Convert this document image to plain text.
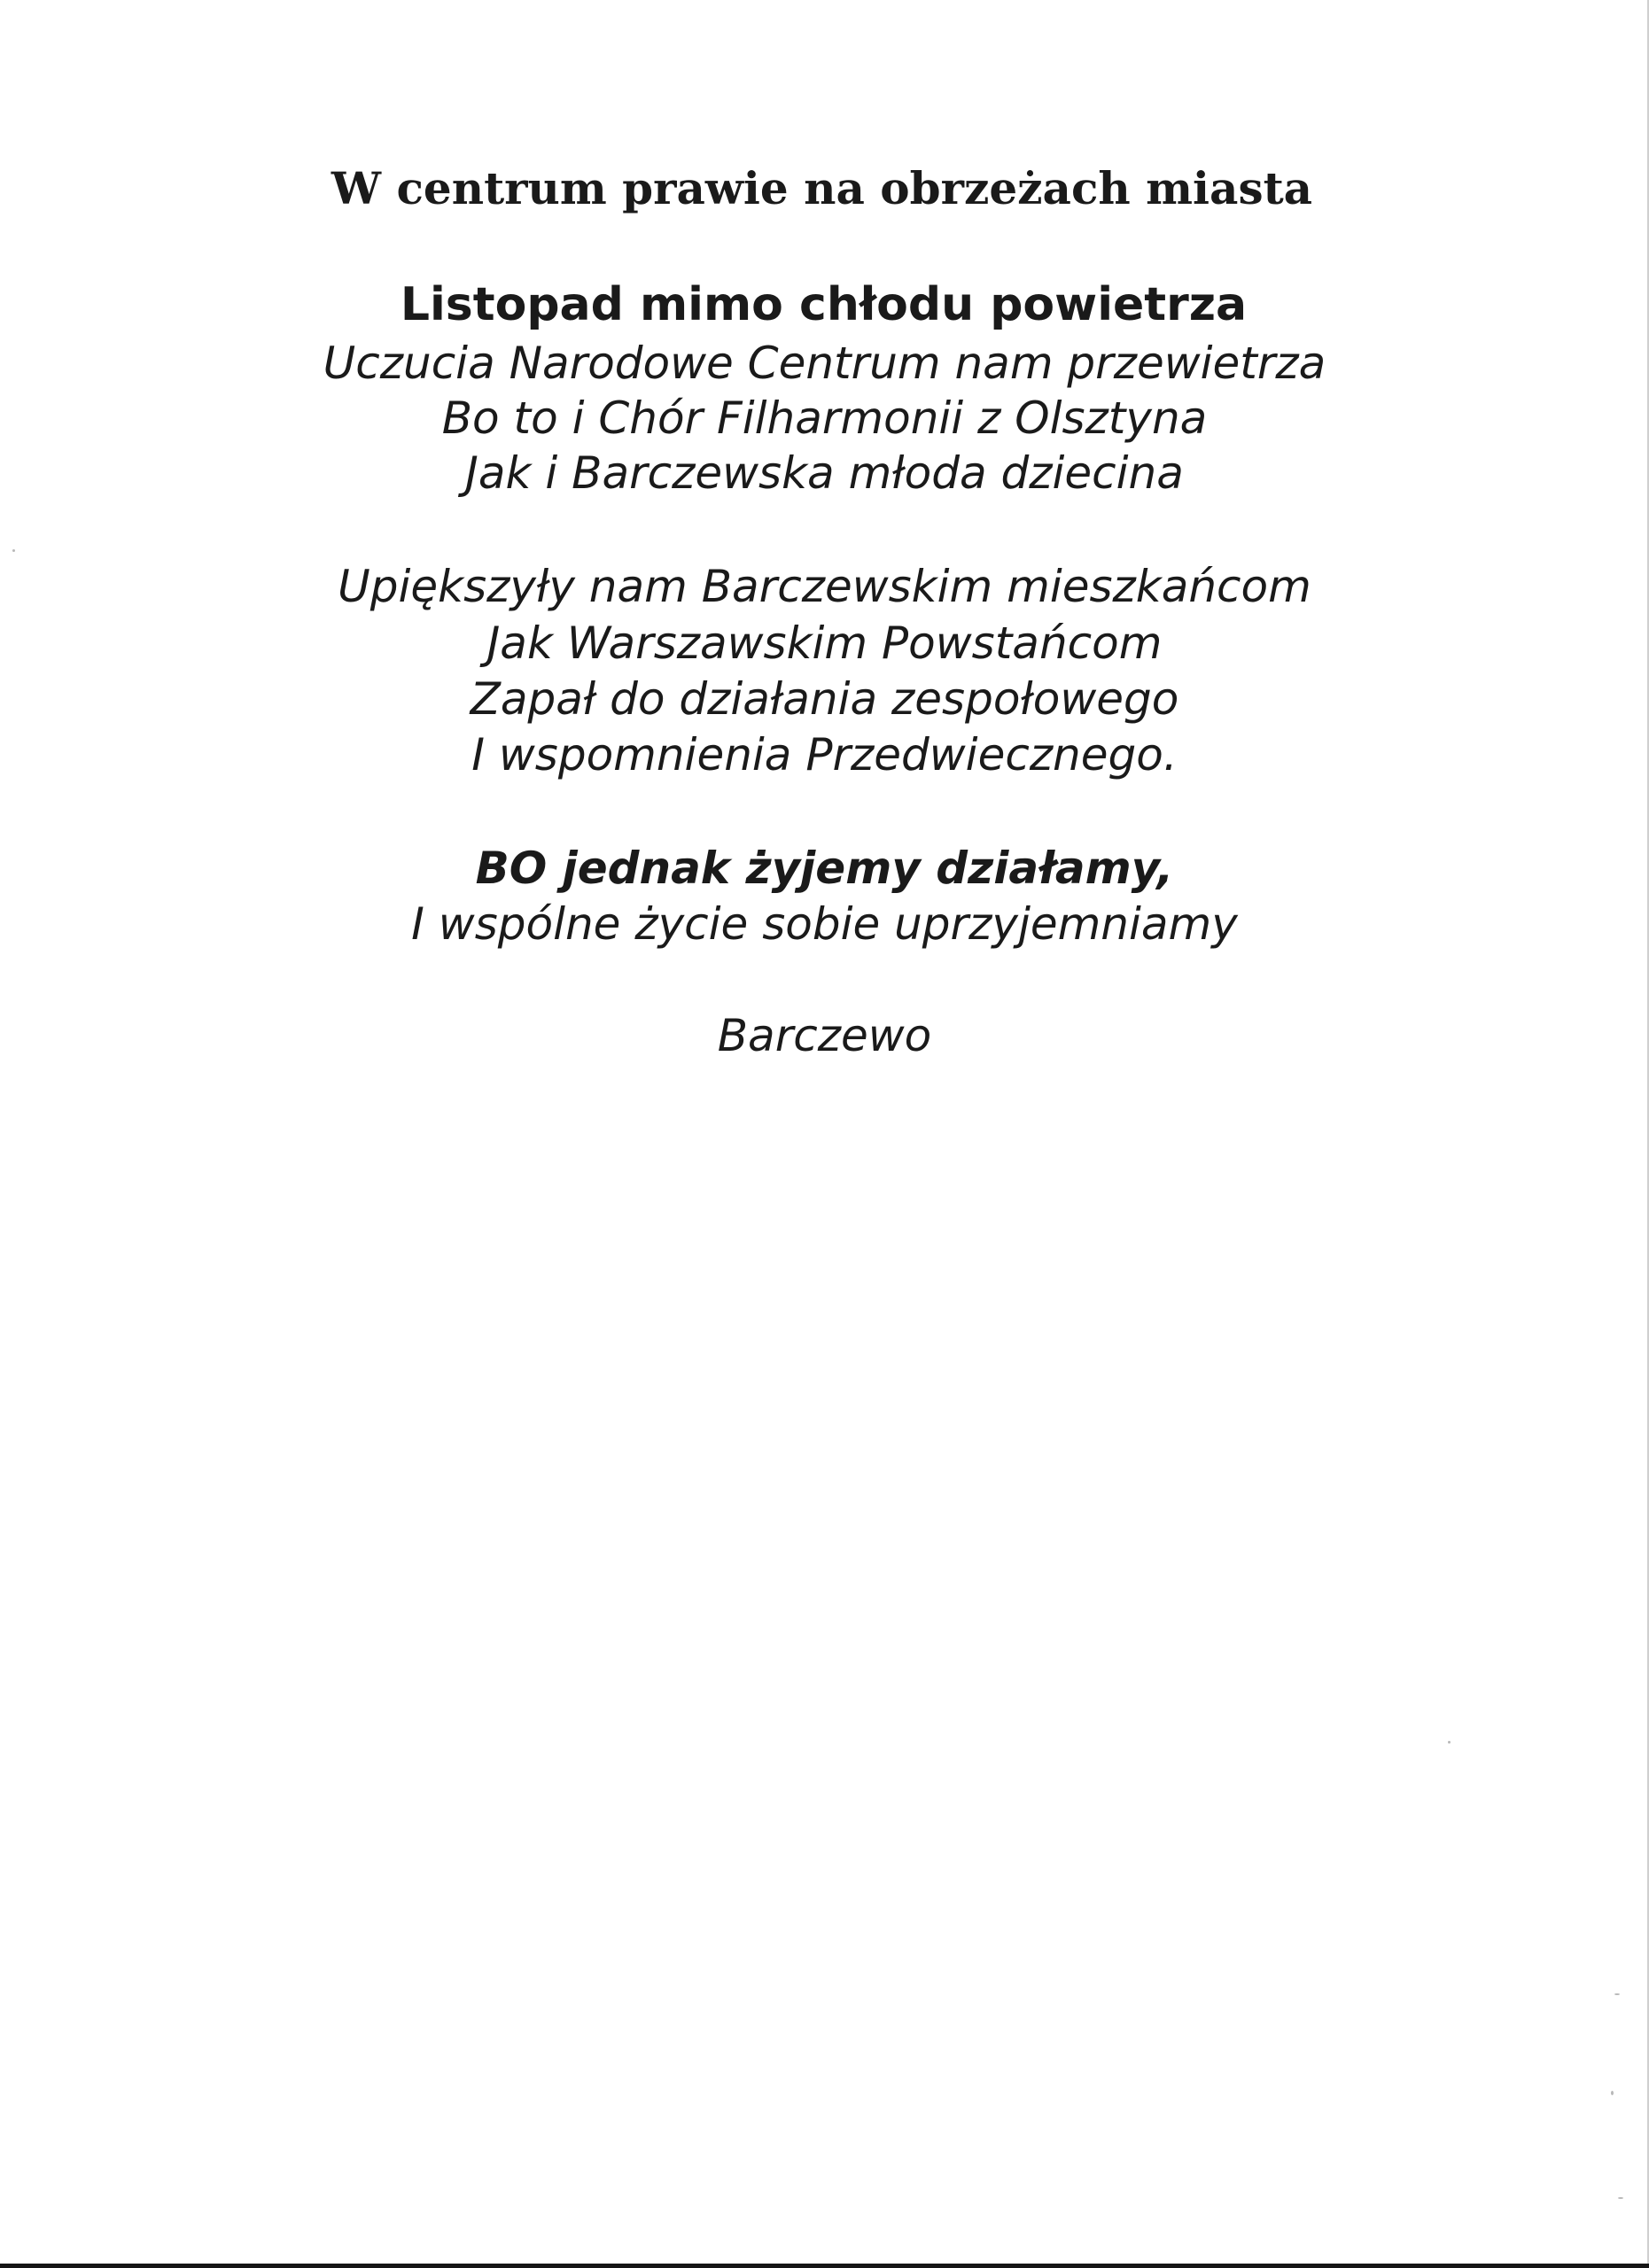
W centrum prawie na obrzeżach miasta
Listopad mimo chłodu powietrza
Uczucia Narodowe Centrum nam przewietrza
Bo to i Chór Filharmonii z Olsztyna
Jak i Barczewska młoda dziecina
Upiększyły nam Barczewskim mieszkańcom
Jak Warszawskim Powstańcom
Zapał do działania zespołowego
I wspomnienia Przedwiecznego.
BO jednak żyjemy działamy,
I wspólne życie sobie uprzyjemniamy
Barczewo
